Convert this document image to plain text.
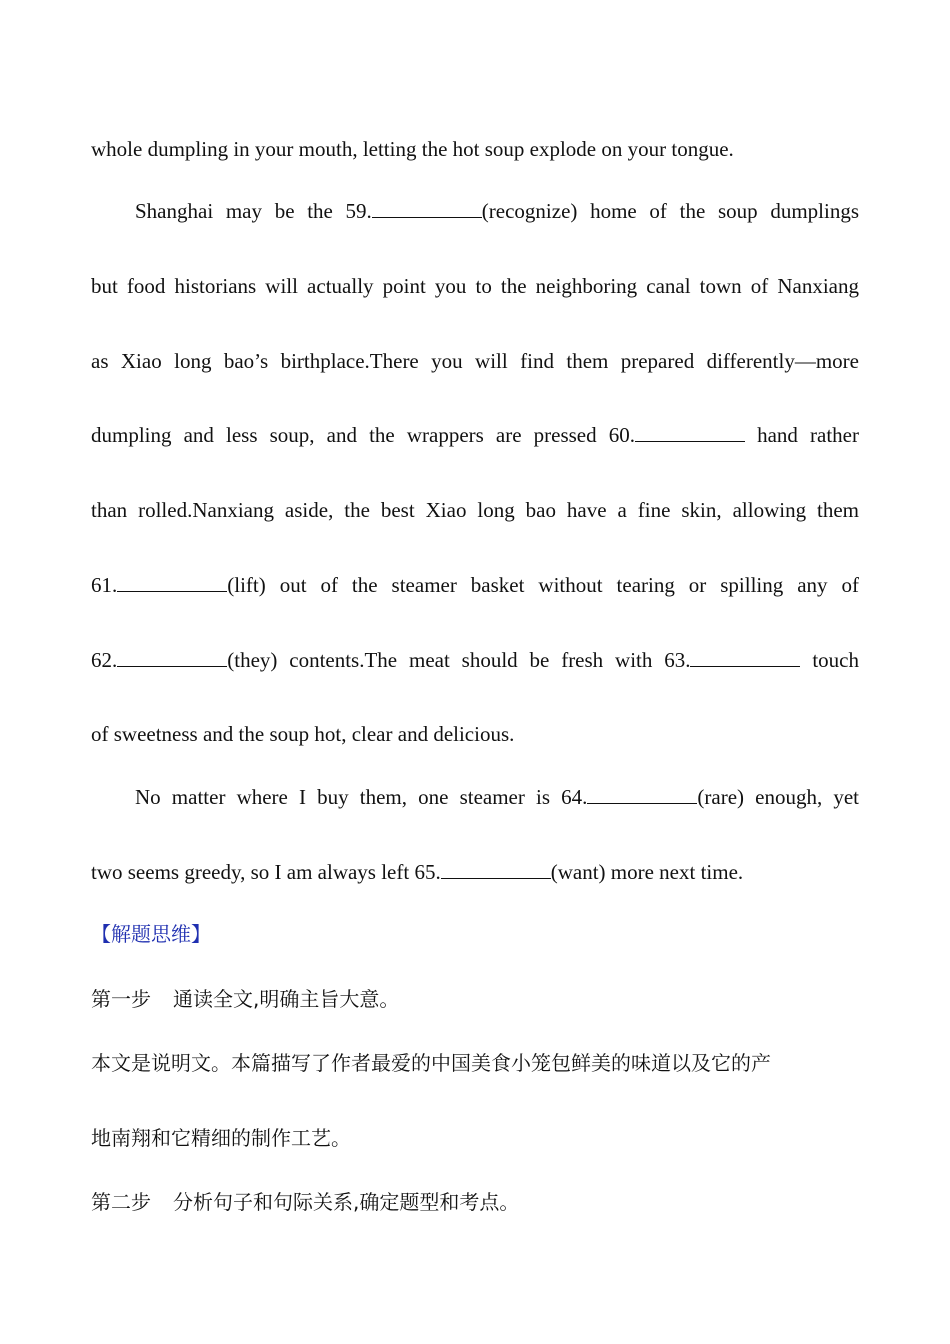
whole dumpling in your mouth, letting the hot soup explode on your tongue.
Shanghai may be the 59.	(recognize) home of the soup dumplings
but food historians will actually point you to the neighboring canal town of Nanxiang
as Xiao long bao’s birthplace.There you will find them prepared differently—more
dumpling and less soup, and the wrappers are pressed 60.	hand rather
than rolled.Nanxiang aside, the best Xiao long bao have a fine skin, allowing them
61.	(lift) out of the steamer basket without tearing or spilling any of
62.	(they) contents.The meat should be fresh with 63.	touch
of sweetness and the soup hot, clear and delicious.
No matter where I buy them, one steamer is 64.	(rare) enough, yet
two seems greedy, so I am always left 65.	(want) more next time.
【解题思维】
第一步 通读全文,明确主旨大意。
本文是说明文。本篇描写了作者最爱的中国美食小笼包鲜美的味道以及它的产
地南翔和它精细的制作工艺。
第二步 分析句子和句际关系,确定题型和考点。
